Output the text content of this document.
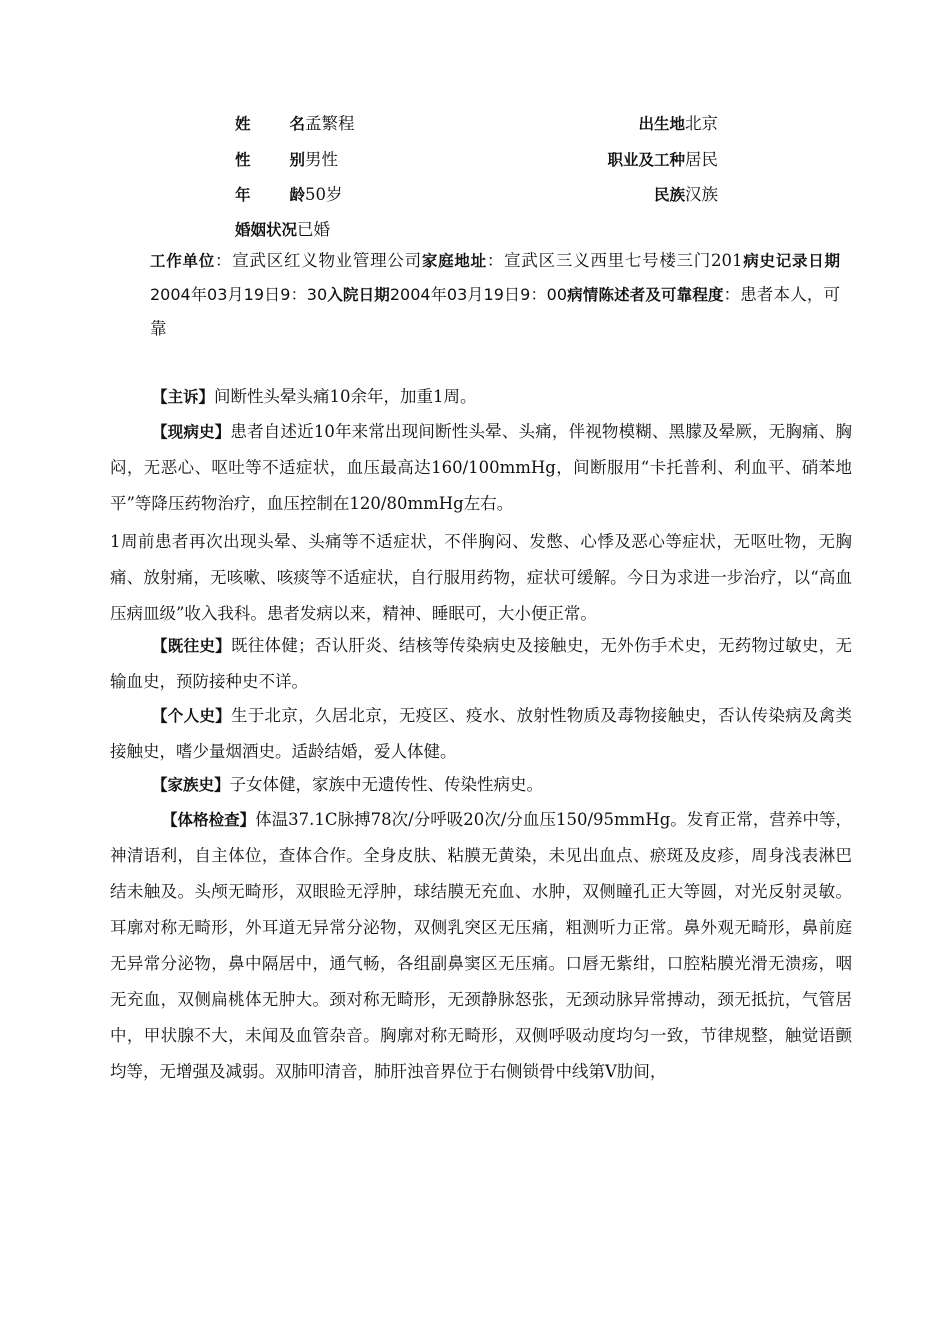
姓名孟繁程	出生地北京
性别男性	职业及工种居民
年龄50岁	民族汉族
婚姻状况已婚
工作单位：宣武区红义物业管理公司家庭地址：宣武区三义西里七号楼三门201病史记录日期2004年03月19日9：30入院日期2004年03月19日9：00病情陈述者及可靠程度：患者本人，可靠

【主诉】间断性头晕头痛10余年，加重1周。

【现病史】患者自述近10年来常出现间断性头晕、头痛，伴视物模糊、黑朦及晕厥，无胸痛、胸闷，无恶心、呕吐等不适症状，血压最高达160/100mmHg，间断服用“卡托普利、利血平、硝苯地平”等降压药物治疗，血压控制在120/80mmHg左右。

1周前患者再次出现头晕、头痛等不适症状，不伴胸闷、发憋、心悸及恶心等症状，无呕吐物，无胸痛、放射痛，无咳嗽、咳痰等不适症状，自行服用药物，症状可缓解。今日为求进一步治疗，以“高血压病皿级”收入我科。患者发病以来，精神、睡眠可，大小便正常。

【既往史】既往体健；否认肝炎、结核等传染病史及接触史，无外伤手术史，无药物过敏史，无输血史，预防接种史不详。

【个人史】生于北京，久居北京，无疫区、疫水、放射性物质及毒物接触史，否认传染病及禽类接触史，嗜少量烟酒史。适龄结婚，爱人体健。

【家族史】子女体健，家族中无遗传性、传染性病史。

【体格检查】体温37.1C脉搏78次/分呼吸20次/分血压150/95mmHg。发育正常，营养中等，神清语利，自主体位，查体合作。全身皮肤、粘膜无黄染，未见出血点、瘀斑及皮疹，周身浅表淋巴结未触及。头颅无畸形，双眼睑无浮肿，球结膜无充血、水肿，双侧瞳孔正大等圆，对光反射灵敏。耳廓对称无畸形，外耳道无异常分泌物，双侧乳突区无压痛，粗测听力正常。鼻外观无畸形，鼻前庭无异常分泌物，鼻中隔居中，通气畅，各组副鼻窦区无压痛。口唇无紫绀，口腔粘膜光滑无溃疡，咽无充血，双侧扁桃体无肿大。颈对称无畸形，无颈静脉怒张，无颈动脉异常搏动，颈无抵抗，气管居中，甲状腺不大，未闻及血管杂音。胸廓对称无畸形，双侧呼吸动度均匀一致，节律规整，触觉语颤均等，无增强及减弱。双肺叩清音，肺肝浊音界位于右侧锁骨中线第V肋间，
